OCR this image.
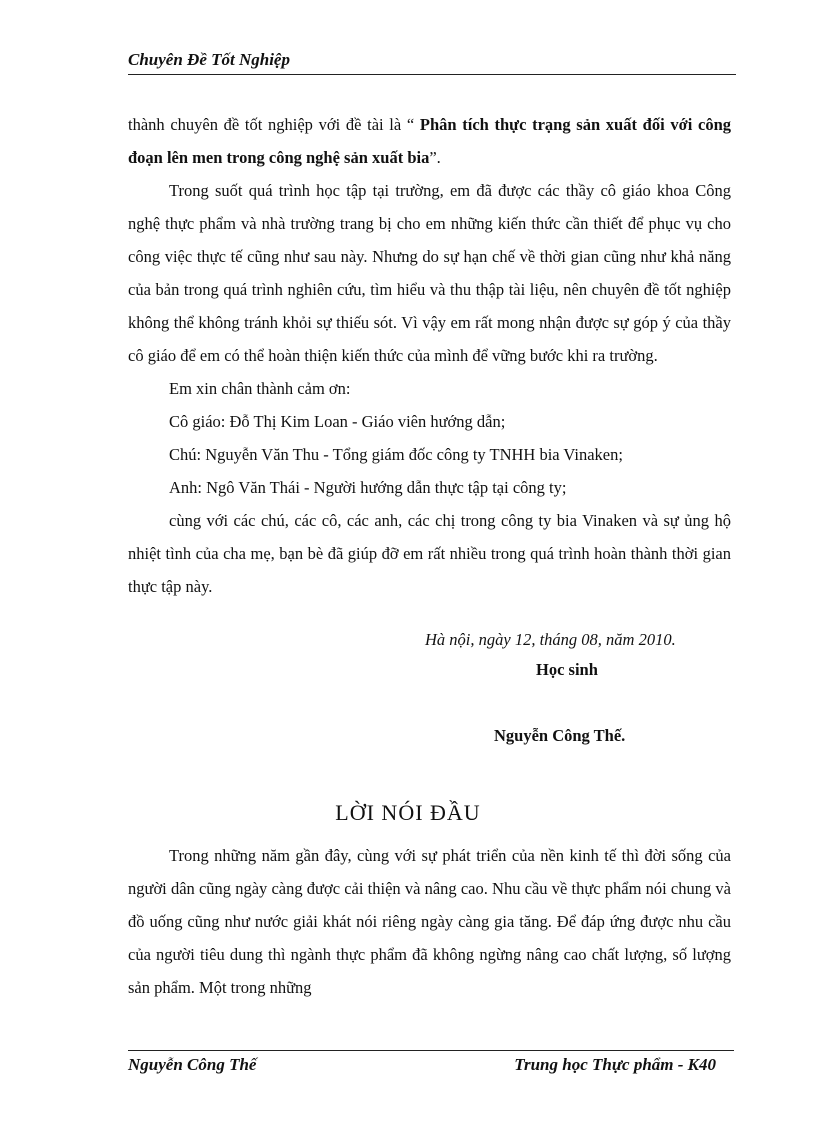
Chuyên Đề Tốt Nghiệp

thành chuyên đề tốt nghiệp với đề tài là “ Phân tích thực trạng sản xuất đối với công đoạn lên men trong công nghệ sản xuất bia”.

Trong suốt quá trình học tập tại trường, em đã được các thầy cô giáo khoa Công nghệ thực phẩm và nhà trường trang bị cho em những kiến thức cần thiết để phục vụ cho công việc thực tế cũng như sau này. Nhưng do sự hạn chế về thời gian cũng như khả năng của bản trong quá trình nghiên cứu, tìm hiểu và thu thập tài liệu, nên chuyên đề tốt nghiệp không thể không tránh khỏi sự thiếu sót. Vì vậy em rất mong nhận được sự góp ý của thầy cô giáo để em có thể hoàn thiện kiến thức của mình để vững bước khi ra trường.

Em xin chân thành cảm ơn:

Cô giáo: Đỗ Thị Kim Loan - Giáo viên hướng dẫn;

Chú: Nguyễn Văn Thu - Tổng giám đốc công ty TNHH bia Vinaken;

Anh: Ngô Văn Thái - Người hướng dẫn thực tập tại công ty;

cùng với các chú, các cô, các anh, các chị trong công ty bia Vinaken và sự ủng hộ nhiệt tình của cha mẹ, bạn bè đã giúp đỡ em rất nhiều trong quá trình hoàn thành thời gian thực tập này.

Hà nội, ngày 12, tháng 08, năm 2010.
Học sinh
Nguyễn Công Thế.
LỜI NÓI ĐẦU

Trong những năm gần đây, cùng với sự phát triển của nền kinh tế thì đời sống của người dân cũng ngày càng được cải thiện và nâng cao. Nhu cầu về thực phẩm nói chung và đồ uống cũng như nước giải khát nói riêng ngày càng gia tăng. Để đáp ứng được nhu cầu của người tiêu dung thì ngành thực phẩm đã không ngừng nâng cao chất lượng, số lượng sản phẩm. Một trong những

Nguyễn Công Thế	Trung học Thực phẩm - K40
